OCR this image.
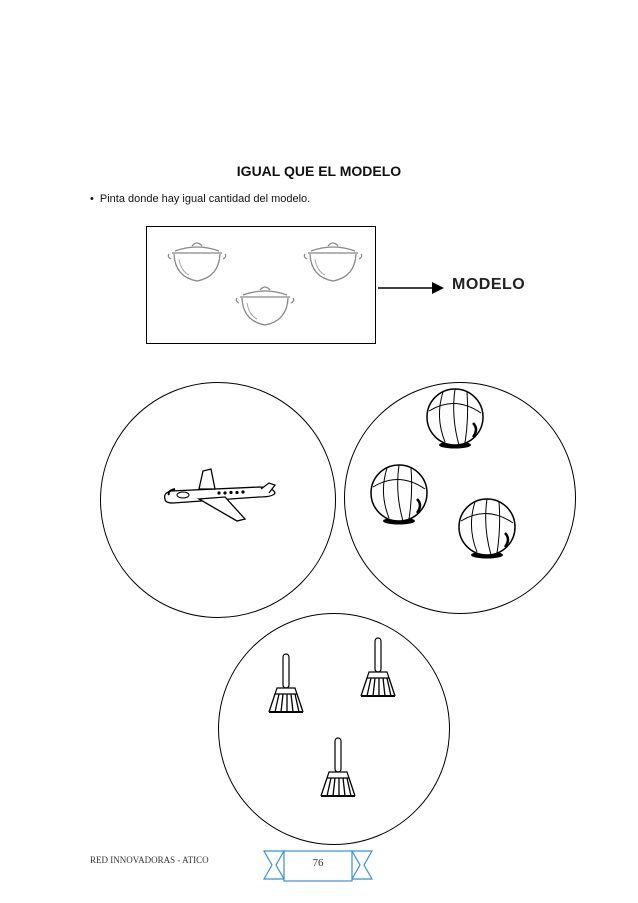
IGUAL QUE EL MODELO
• Pinta donde hay igual cantidad del modelo.
MODELO
RED INNOVADORAS - ATICO	76
